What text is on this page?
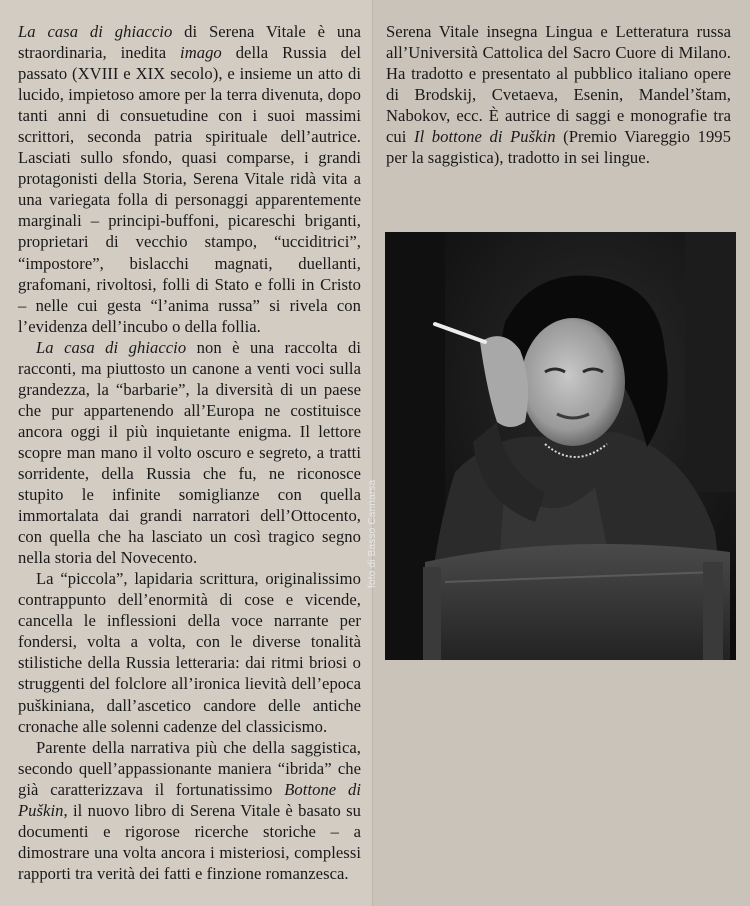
La casa di ghiaccio di Serena Vitale è una straordinaria, inedita imago della Russia del passato (XVIII e XIX secolo), e insieme un atto di lucido, impietoso amore per la terra divenuta, dopo tanti anni di consuetudine con i suoi massimi scrittori, seconda patria spirituale dell’autrice. Lasciati sullo sfondo, quasi comparse, i grandi protagonisti della Storia, Serena Vitale ridà vita a una variegata folla di personaggi apparentemente marginali – principi-buffoni, picareschi briganti, proprietari di vecchio stampo, “ucciditrici”, “impostore”, bislacchi magnati, duellanti, grafomani, rivoltosi, folli di Stato e folli in Cristo – nelle cui gesta “l’anima russa” si rivela con l’evidenza dell’incubo o della follia.

La casa di ghiaccio non è una raccolta di racconti, ma piuttosto un canone a venti voci sulla grandezza, la “barbarie”, la diversità di un paese che pur appartenendo all’Europa ne costituisce ancora oggi il più inquietante enigma. Il lettore scopre man mano il volto oscuro e segreto, a tratti sorridente, della Russia che fu, ne riconosce stupito le infinite somiglianze con quella immortalata dai grandi narratori dell’Ottocento, con quella che ha lasciato un così tragico segno nella storia del Novecento.

La “piccola”, lapidaria scrittura, originalissimo contrappunto dell’enormità di cose e vicende, cancella le inflessioni della voce narrante per fondersi, volta a volta, con le diverse tonalità stilistiche della Russia letteraria: dai ritmi briosi o struggenti del folclore all’ironica lievità dell’epoca puškiniana, dall’ascetico candore delle antiche cronache alle solenni cadenze del classicismo.

Parente della narrativa più che della saggistica, secondo quell’appassionante maniera “ibrida” che già caratterizzava il fortunatissimo Bottone di Puškin, il nuovo libro di Serena Vitale è basato su documenti e rigorose ricerche storiche – a dimostrare una volta ancora i misteriosi, complessi rapporti tra verità dei fatti e finzione romanzesca.

Serena Vitale insegna Lingua e Letteratura russa all’Università Cattolica del Sacro Cuore di Milano. Ha tradotto e presentato al pubblico italiano opere di Brodskij, Cvetaeva, Esenin, Mandel’štam, Nabokov, ecc. È autrice di saggi e monografie tra cui Il bottone di Puškin (Premio Viareggio 1995 per la saggistica), tradotto in sei lingue.

foto di Basso Cannarsa
